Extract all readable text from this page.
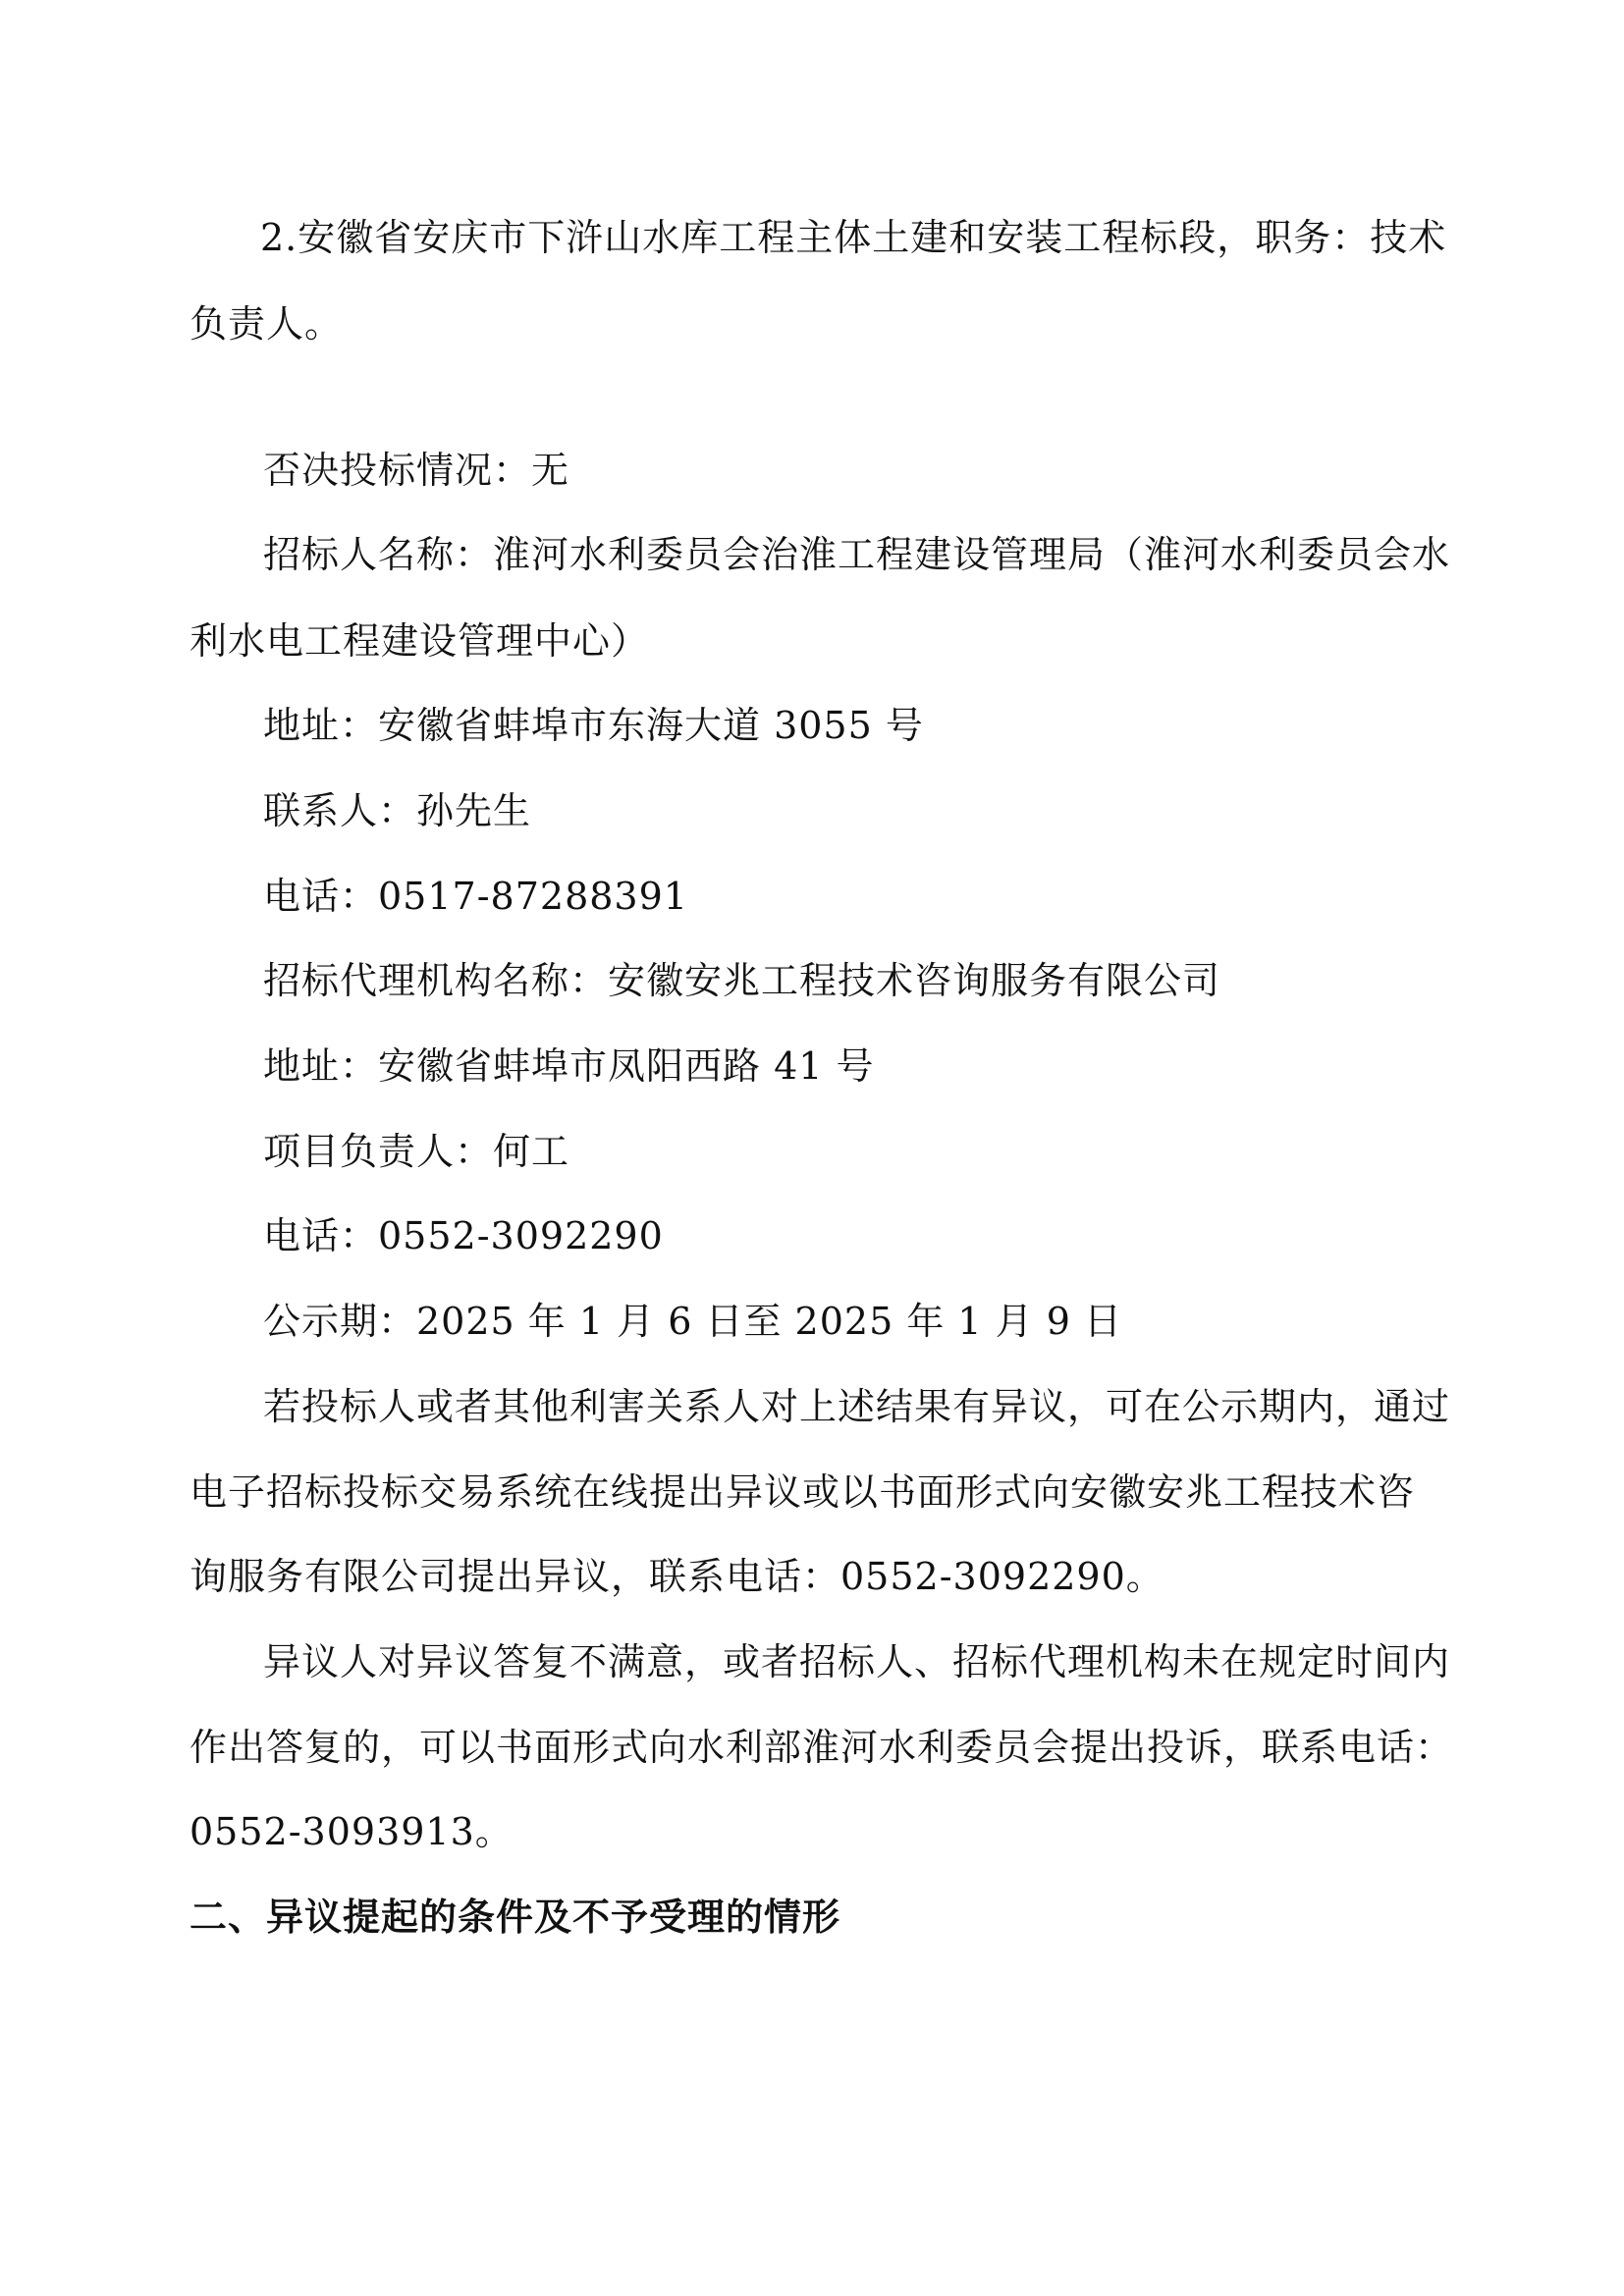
2.安徽省安庆市下浒山水库工程主体土建和安装工程标段，职务：技术
负责人。
否决投标情况：无
招标人名称：淮河水利委员会治淮工程建设管理局（淮河水利委员会水
利水电工程建设管理中心）
地址：安徽省蚌埠市东海大道 3055 号
联系人：孙先生
电话：0517-87288391
招标代理机构名称：安徽安兆工程技术咨询服务有限公司
地址：安徽省蚌埠市凤阳西路 41 号
项目负责人：何工
电话：0552-3092290
公示期：2025 年 1 月 6 日至 2025 年 1 月 9 日
若投标人或者其他利害关系人对上述结果有异议，可在公示期内，通过
电子招标投标交易系统在线提出异议或以书面形式向安徽安兆工程技术咨
询服务有限公司提出异议，联系电话：0552-3092290。
异议人对异议答复不满意，或者招标人、招标代理机构未在规定时间内
作出答复的，可以书面形式向水利部淮河水利委员会提出投诉，联系电话：
0552-3093913。
二、异议提起的条件及不予受理的情形
